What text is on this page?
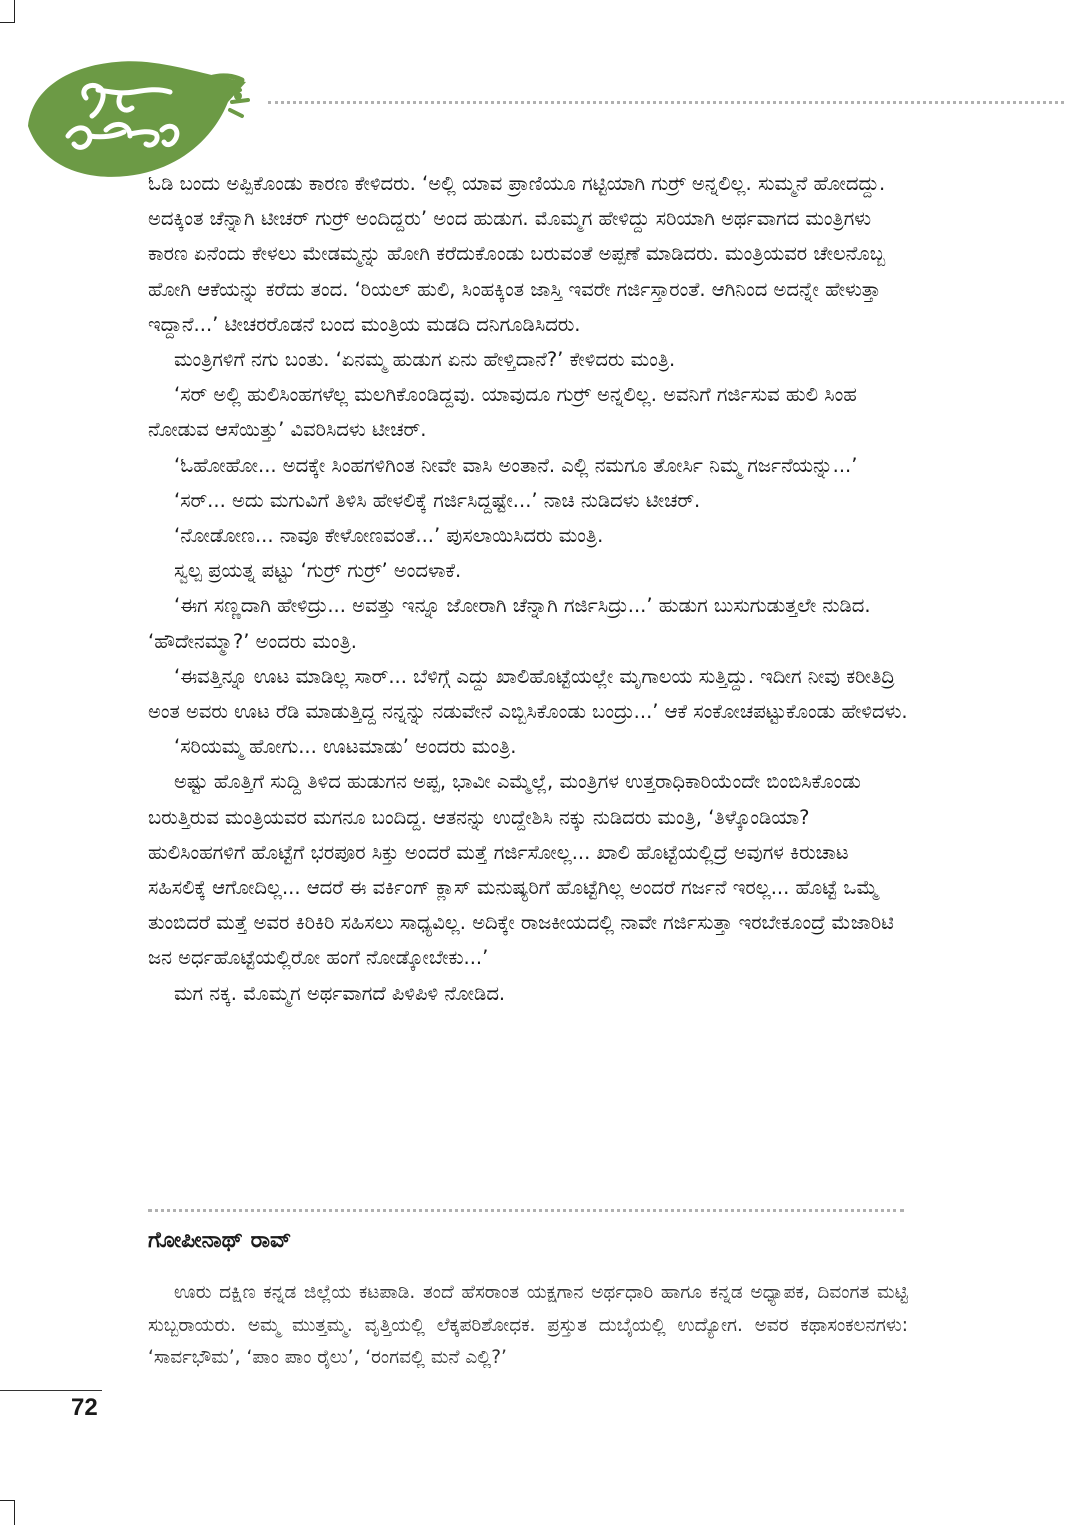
ಓಡಿ ಬಂದು ಅಪ್ಪಿಕೊಂಡು ಕಾರಣ ಕೇಳಿದರು. ‘ಅಲ್ಲಿ ಯಾವ ಪ್ರಾಣಿಯೂ ಗಟ್ಟಿಯಾಗಿ ಗುರ‍್ರ್ ಅನ್ನಲಿಲ್ಲ. ಸುಮ್ಮನೆ ಹೋದದ್ದು. ಅದಕ್ಕಿಂತ ಚೆನ್ನಾಗಿ ಟೀಚರ್ ಗುರ‍್ರ್ ಅಂದಿದ್ದರು’ ಅಂದ ಹುಡುಗ. ಮೊಮ್ಮಗ ಹೇಳಿದ್ದು ಸರಿಯಾಗಿ ಅರ್ಥವಾಗದ ಮಂತ್ರಿಗಳು ಕಾರಣ ಏನೆಂದು ಕೇಳಲು ಮೇಡಮ್ಮನ್ನು ಹೋಗಿ ಕರೆದುಕೊಂಡು ಬರುವಂತೆ ಅಪ್ಪಣೆ ಮಾಡಿದರು. ಮಂತ್ರಿಯವರ ಚೇಲನೊಬ್ಬ ಹೋಗಿ ಆಕೆಯನ್ನು ಕರೆದು ತಂದ. ‘ರಿಯಲ್ ಹುಲಿ, ಸಿಂಹಕ್ಕಿಂತ ಜಾಸ್ತಿ ಇವರೇ ಗರ್ಜಿಸ್ತಾರಂತೆ. ಆಗಿನಿಂದ ಅದನ್ನೇ ಹೇಳುತ್ತಾ ಇದ್ದಾನೆ...’ ಟೀಚರರೊಡನೆ ಬಂದ ಮಂತ್ರಿಯ ಮಡದಿ ದನಿಗೂಡಿಸಿದರು.

ಮಂತ್ರಿಗಳಿಗೆ ನಗು ಬಂತು. ‘ಏನಮ್ಮ ಹುಡುಗ ಏನು ಹೇಳ್ತಿದಾನೆ?’ ಕೇಳಿದರು ಮಂತ್ರಿ.

‘ಸರ್ ಅಲ್ಲಿ ಹುಲಿಸಿಂಹಗಳೆಲ್ಲ ಮಲಗಿಕೊಂಡಿದ್ದವು. ಯಾವುದೂ ಗುರ‍್ರ್ ಅನ್ನಲಿಲ್ಲ. ಅವನಿಗೆ ಗರ್ಜಿಸುವ ಹುಲಿ ಸಿಂಹ ನೋಡುವ ಆಸೆಯಿತ್ತು’ ವಿವರಿಸಿದಳು ಟೀಚರ್.

‘ಓಹೋಹೋ... ಅದಕ್ಕೇ ಸಿಂಹಗಳಿಗಿಂತ ನೀವೇ ವಾಸಿ ಅಂತಾನೆ. ಎಲ್ಲಿ ನಮಗೂ ತೋರ್ಸಿ ನಿಮ್ಮ ಗರ್ಜನೆಯನ್ನು...’

‘ಸರ್... ಅದು ಮಗುವಿಗೆ ತಿಳಿಸಿ ಹೇಳಲಿಕ್ಕೆ ಗರ್ಜಿಸಿದ್ದಷ್ಟೇ...’ ನಾಚಿ ನುಡಿದಳು ಟೀಚರ್.

‘ನೋಡೋಣ... ನಾವೂ ಕೇಳೋಣವಂತೆ...’ ಪುಸಲಾಯಿಸಿದರು ಮಂತ್ರಿ.

ಸ್ವಲ್ಪ ಪ್ರಯತ್ನ ಪಟ್ಟು ‘ಗುರ‍್ರ್ ಗುರ‍್ರ್’ ಅಂದಳಾಕೆ.

‘ಈಗ ಸಣ್ಣದಾಗಿ ಹೇಳಿದ್ರು... ಅವತ್ತು ಇನ್ನೂ ಜೋರಾಗಿ ಚೆನ್ನಾಗಿ ಗರ್ಜಿಸಿದ್ರು...’ ಹುಡುಗ ಬುಸುಗುಡುತ್ತಲೇ ನುಡಿದ. ‘ಹೌದೇನಮ್ಮಾ?’ ಅಂದರು ಮಂತ್ರಿ.

‘ಈವತ್ತಿನ್ನೂ ಊಟ ಮಾಡಿಲ್ಲ ಸಾರ್... ಬೆಳಿಗ್ಗೆ ಎದ್ದು ಖಾಲಿಹೊಟ್ಟೆಯಲ್ಲೇ ಮೃಗಾಲಯ ಸುತ್ತಿದ್ದು. ಇದೀಗ ನೀವು ಕರೀತಿದ್ರಿ ಅಂತ ಅವರು ಊಟ ರೆಡಿ ಮಾಡುತ್ತಿದ್ದ ನನ್ನನ್ನು ನಡುವೇನೆ ಎಬ್ಬಿಸಿಕೊಂಡು ಬಂದ್ರು...’ ಆಕೆ ಸಂಕೋಚಪಟ್ಟುಕೊಂಡು ಹೇಳಿದಳು.

‘ಸರಿಯಮ್ಮ ಹೋಗು... ಊಟಮಾಡು’ ಅಂದರು ಮಂತ್ರಿ.

ಅಷ್ಟು ಹೊತ್ತಿಗೆ ಸುದ್ದಿ ತಿಳಿದ ಹುಡುಗನ ಅಪ್ಪ, ಭಾವೀ ಎಮ್ಮೆಲ್ಲೆ, ಮಂತ್ರಿಗಳ ಉತ್ತರಾಧಿಕಾರಿಯೆಂದೇ ಬಿಂಬಿಸಿಕೊಂಡು ಬರುತ್ತಿರುವ ಮಂತ್ರಿಯವರ ಮಗನೂ ಬಂದಿದ್ದ. ಆತನನ್ನು ಉದ್ದೇಶಿಸಿ ನಕ್ಕು ನುಡಿದರು ಮಂತ್ರಿ, ‘ತಿಳ್ಕೊಂಡಿಯಾ? ಹುಲಿಸಿಂಹಗಳಿಗೆ ಹೊಟ್ಟೆಗೆ ಭರಪೂರ ಸಿಕ್ತು ಅಂದರೆ ಮತ್ತೆ ಗರ್ಜಿಸೋಲ್ಲ... ಖಾಲಿ ಹೊಟ್ಟೆಯಲ್ಲಿದ್ರೆ ಅವುಗಳ ಕಿರುಚಾಟ ಸಹಿಸಲಿಕ್ಕೆ ಆಗೋದಿಲ್ಲ... ಆದರೆ ಈ ವರ್ಕಿಂಗ್ ಕ್ಲಾಸ್ ಮನುಷ್ಯರಿಗೆ ಹೊಟ್ಟೆಗಿಲ್ಲ ಅಂದರೆ ಗರ್ಜನೆ ಇರಲ್ಲ... ಹೊಟ್ಟೆ ಒಮ್ಮೆ ತುಂಬಿದರೆ ಮತ್ತೆ ಅವರ ಕಿರಿಕಿರಿ ಸಹಿಸಲು ಸಾಧ್ಯವಿಲ್ಲ. ಅದಿಕ್ಕೇ ರಾಜಕೀಯದಲ್ಲಿ ನಾವೇ ಗರ್ಜಿಸುತ್ತಾ ಇರಬೇಕೂಂದ್ರೆ ಮೆಜಾರಿಟಿ ಜನ ಅರ್ಧಹೊಟ್ಟೆಯಲ್ಲಿರೋ ಹಂಗೆ ನೋಡ್ಕೋಬೇಕು...’

ಮಗ ನಕ್ಕ. ಮೊಮ್ಮಗ ಅರ್ಥವಾಗದೆ ಪಿಳಿಪಿಳಿ ನೋಡಿದ.

ಗೋಪೀನಾಥ್ ರಾವ್

ಊರು ದಕ್ಷಿಣ ಕನ್ನಡ ಜಿಲ್ಲೆಯ ಕಟಪಾಡಿ. ತಂದೆ ಹೆಸರಾಂತ ಯಕ್ಷಗಾನ ಅರ್ಥಧಾರಿ ಹಾಗೂ ಕನ್ನಡ ಅಧ್ಯಾಪಕ, ದಿವಂಗತ ಮಟ್ಟಿ ಸುಬ್ಬರಾಯರು. ಅಮ್ಮ ಮುತ್ತಮ್ಮ. ವೃತ್ತಿಯಲ್ಲಿ ಲೆಕ್ಕಪರಿಶೋಧಕ. ಪ್ರಸ್ತುತ ದುಬೈಯಲ್ಲಿ ಉದ್ಯೋಗ. ಅವರ ಕಥಾಸಂಕಲನಗಳು: ‘ಸಾರ್ವಭೌಮ’, ‘ಪಾಂ ಪಾಂ ರೈಲು’, ‘ರಂಗವಲ್ಲಿ ಮನೆ ಎಲ್ಲಿ?’

72
